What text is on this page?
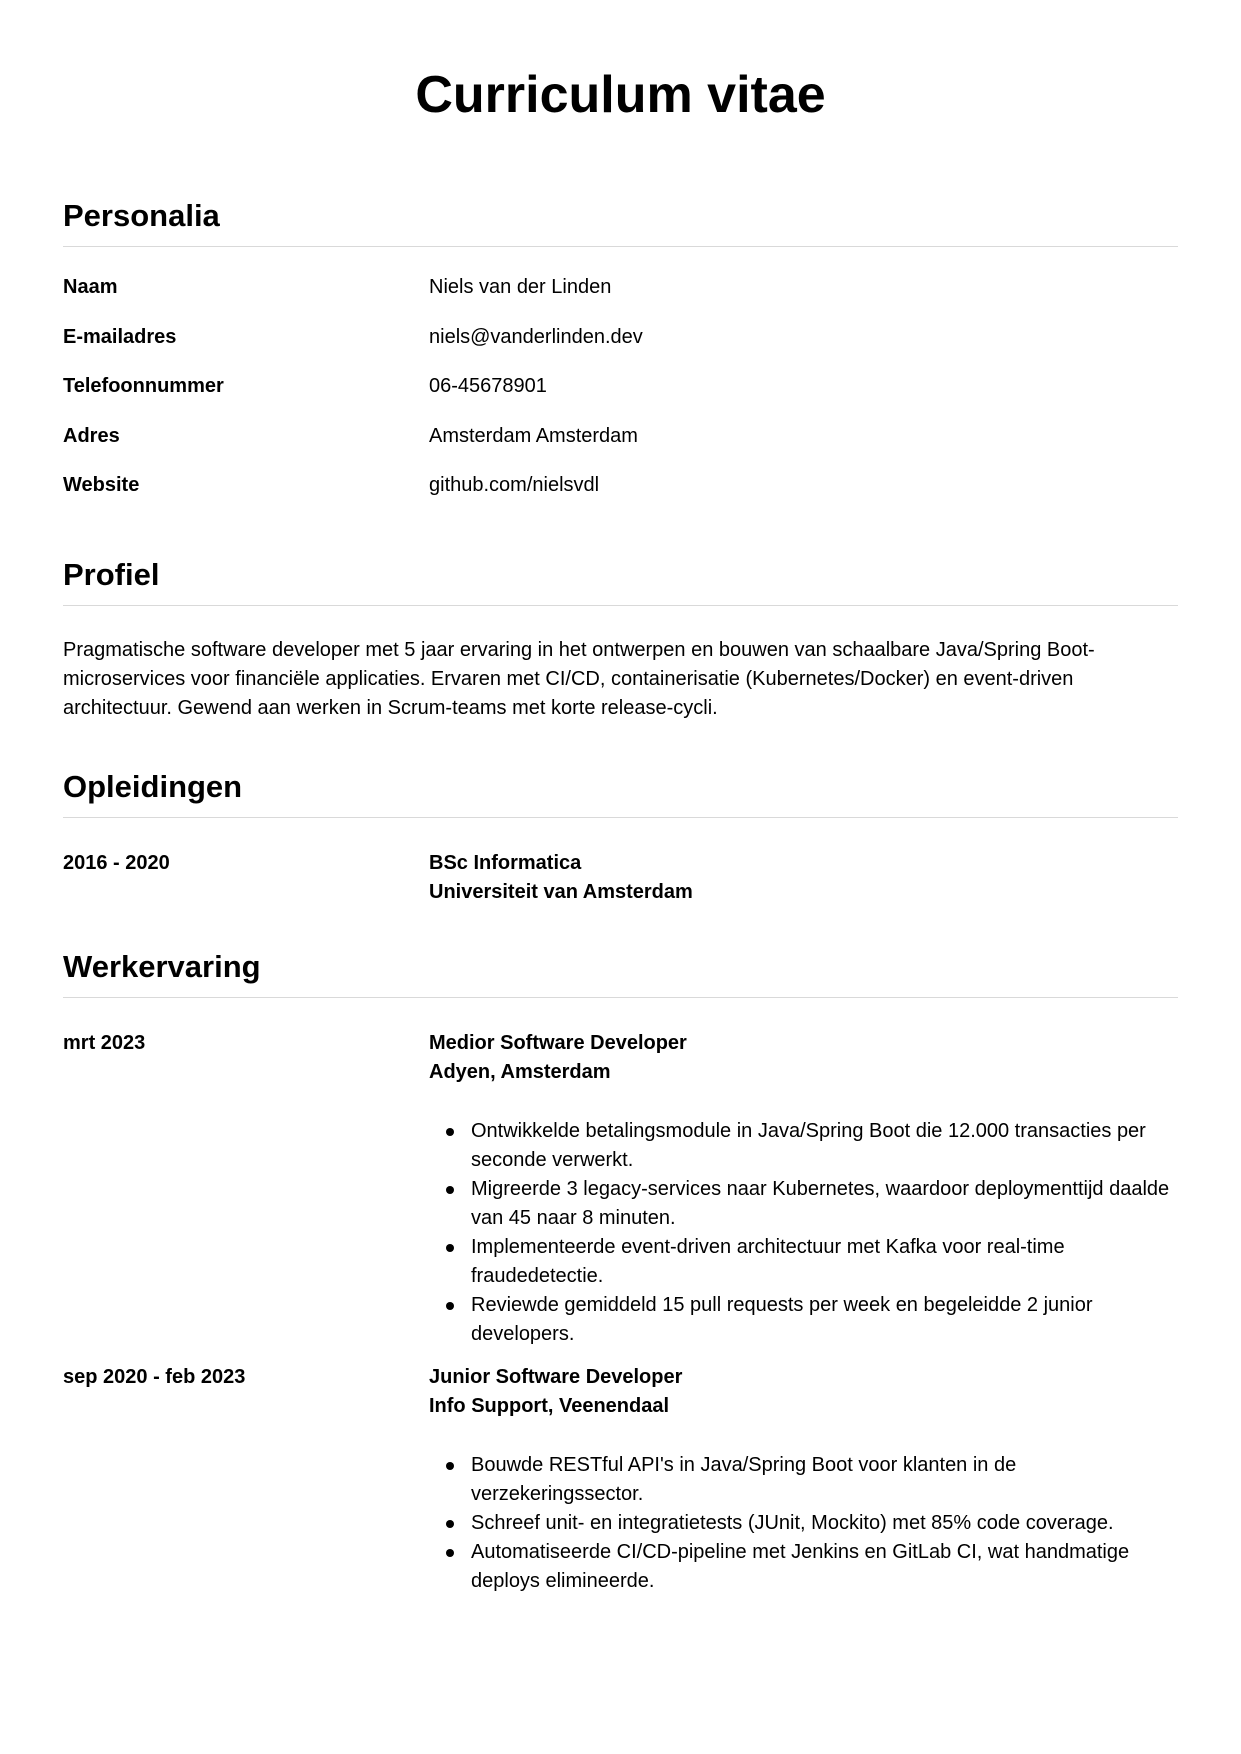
Curriculum vitae
Personalia
Naam	Niels van der Linden
E-mailadres	niels@vanderlinden.dev
Telefoonnummer	06-45678901
Adres	Amsterdam Amsterdam
Website	github.com/nielsvdl
Profiel

Pragmatische software developer met 5 jaar ervaring in het ontwerpen en bouwen van schaalbare Java/Spring Boot-microservices voor financiële applicaties. Ervaren met CI/CD, containerisatie (Kubernetes/Docker) en event-driven architectuur. Gewend aan werken in Scrum-teams met korte release-cycli.

Opleidingen
2016 - 2020	BSc Informatica
Universiteit van Amsterdam
Werkervaring
mrt 2023	Medior Software Developer
Adyen, Amsterdam
Ontwikkelde betalingsmodule in Java/Spring Boot die 12.000 transacties per seconde verwerkt.
Migreerde 3 legacy-services naar Kubernetes, waardoor deploymenttijd daalde van 45 naar 8 minuten.
Implementeerde event-driven architectuur met Kafka voor real-time fraudedetectie.
Reviewde gemiddeld 15 pull requests per week en begeleidde 2 junior developers.
sep 2020 - feb 2023	Junior Software Developer
Info Support, Veenendaal
Bouwde RESTful API's in Java/Spring Boot voor klanten in de verzekeringssector.
Schreef unit- en integratietests (JUnit, Mockito) met 85% code coverage.
Automatiseerde CI/CD-pipeline met Jenkins en GitLab CI, wat handmatige deploys elimineerde.
